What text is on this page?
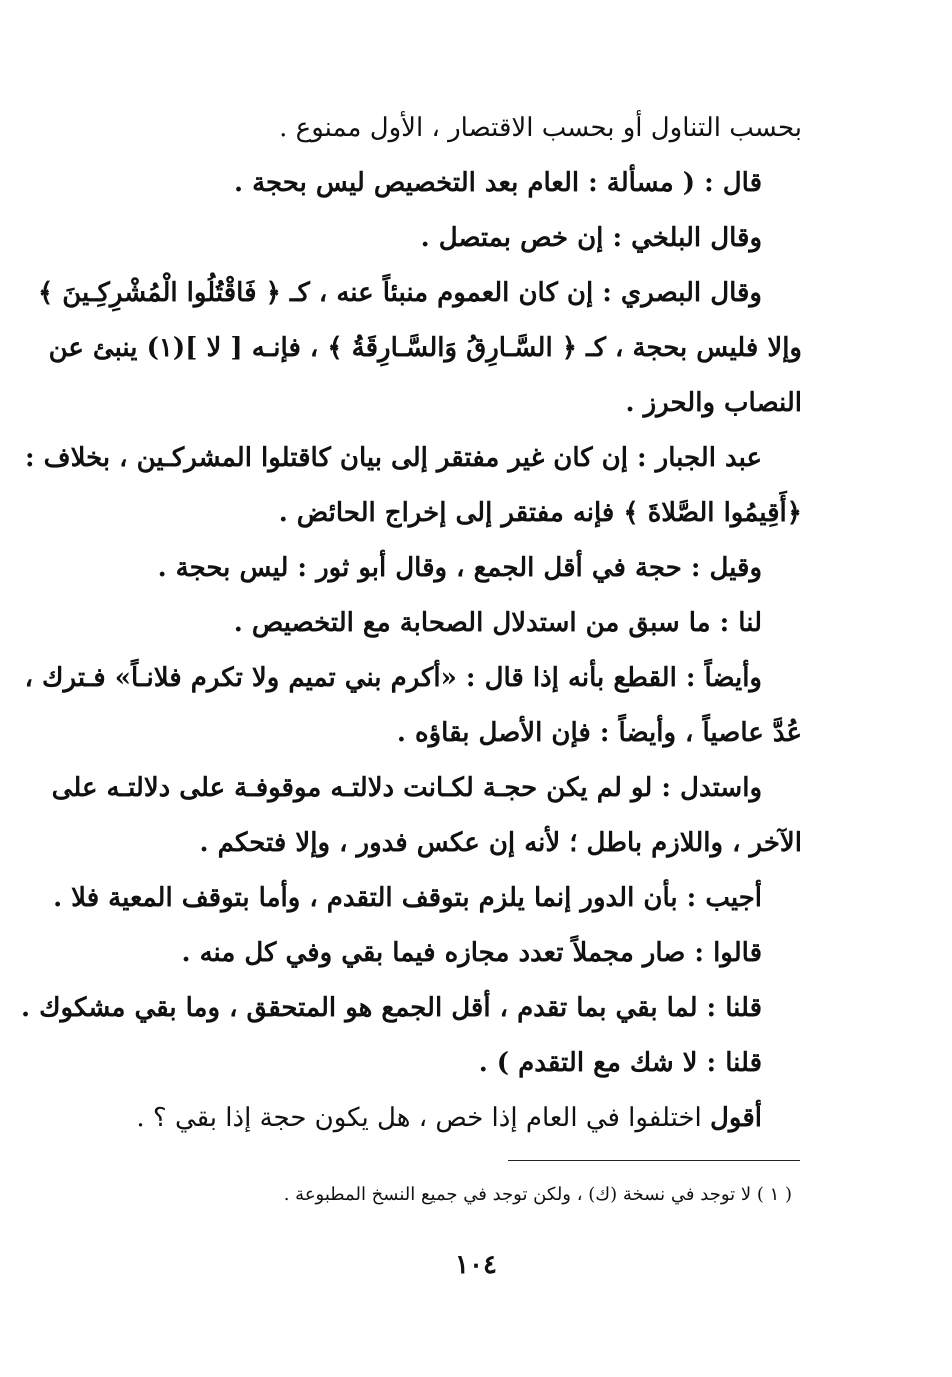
بحسب التناول أو بحسب الاقتصار ، الأول ممنوع .
قال : ( مسألة : العام بعد التخصيص ليس بحجة .
وقال البلخي : إن خص بمتصل .
وقال البصري : إن كان العموم منبئاً عنه ، كـ ﴿ فَاقْتُلُوا الْمُشْرِكِـينَ ﴾
وإلا فليس بحجة ، كـ ﴿ السَّـارِقُ وَالسَّـارِقَةُ ﴾ ، فإنـه [ لا ](١) ينبئ عن
النصاب والحرز .
عبد الجبار : إن كان غير مفتقر إلى بيان كاقتلوا المشركـين ، بخلاف :
﴿أَقِيمُوا الصَّلاةَ ﴾ فإنه مفتقر إلى إخراج الحائض .
وقيل : حجة في أقل الجمع ، وقال أبو ثور : ليس بحجة .
لنا : ما سبق من استدلال الصحابة مع التخصيص .
وأيضاً : القطع بأنه إذا قال : «أكرم بني تميم ولا تكرم فلانـاً» فـترك ،
عُدَّ عاصياً ، وأيضاً : فإن الأصل بقاؤه .
واستدل : لو لم يكن حجـة لكـانت دلالتـه موقوفـة على دلالتـه على
الآخر ، واللازم باطل ؛ لأنه إن عكس فدور ، وإلا فتحكم .
أجيب : بأن الدور إنما يلزم بتوقف التقدم ، وأما بتوقف المعية فلا .
قالوا : صار مجملاً تعدد مجازه فيما بقي وفي كل منه .
قلنا : لما بقي بما تقدم ، أقل الجمع هو المتحقق ، وما بقي مشكوك .
قلنا : لا شك مع التقدم ) .
أقول اختلفوا في العام إذا خص ، هل يكون حجة إذا بقي ؟ .
( ١ ) لا توجد في نسخة (ك) ، ولكن توجد في جميع النسخ المطبوعة .
١٠٤
